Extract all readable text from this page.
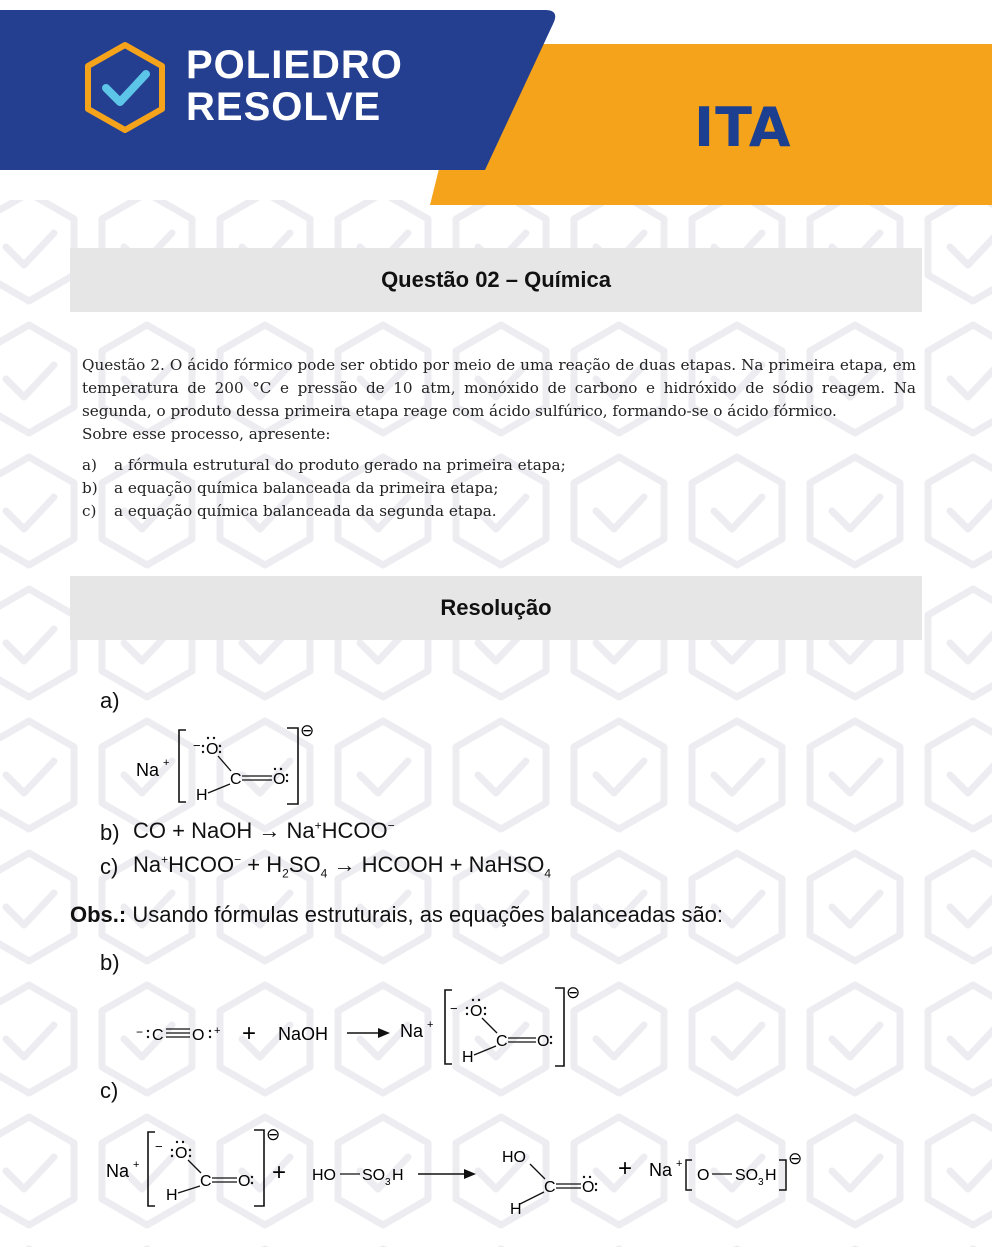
POLIEDRO
RESOLVE	ITA
Questão 02 – Química

Questão 2. O ácido fórmico pode ser obtido por meio de uma reação de duas etapas. Na primeira etapa, em temperatura de 200 °C e pressão de 10 atm, monóxido de carbono e hidróxido de sódio reagem. Na segunda, o produto dessa primeira etapa reage com ácido sulfúrico, formando-se o ácido fórmico.

Sobre esse processo, apresente:

a)	a fórmula estrutural do produto gerado na primeira etapa;
b)	a equação química balanceada da primeira etapa;
c)	a equação química balanceada da segunda etapa.
Resolução
a)
Na +
⊖
− O
C O
H
b) CO + NaOH → Na+HCOO−
c) Na+HCOO− + $H_2SO_4$ → HCOOH + NaHSO$_4$
Obs.: Usando fórmulas estruturais, as equações balanceadas são:
b)
− C O + + NaOH	Na +
⊖
− O
C O
H
c)
Na +
⊖
− O
C O
H
+ HO SO 3 H
HO
C O
H
+ Na +
O SO 3 H
⊖
